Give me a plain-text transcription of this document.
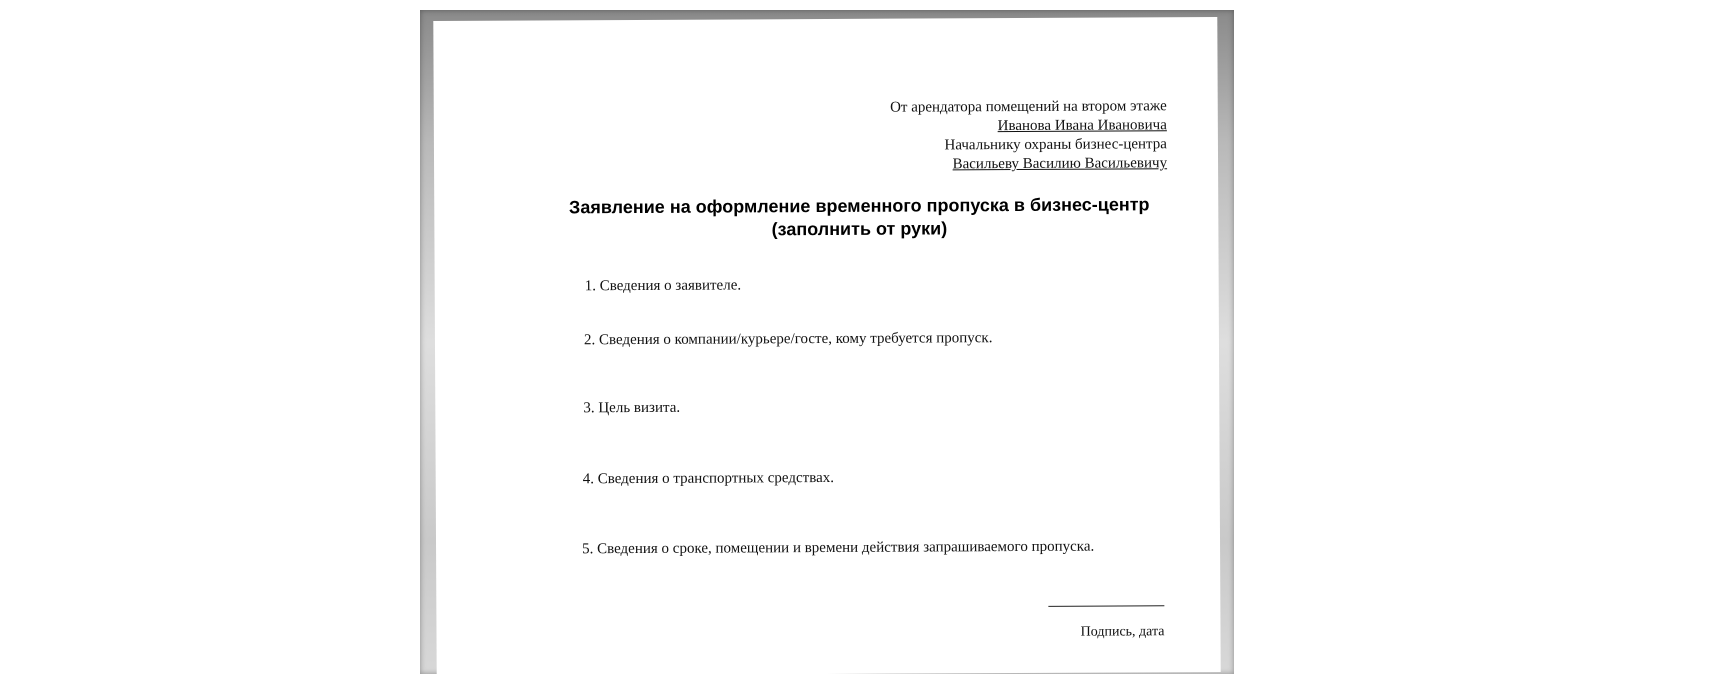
От арендатора помещений на втором этаже
Иванова Ивана Ивановича
Начальнику охраны бизнес-центра
Васильеву Василию Васильевичу
Заявление на оформление временного пропуска в бизнес-центр
(заполнить от руки)
1. Сведения о заявителе.
2. Сведения о компании/курьере/госте, кому требуется пропуск.
3. Цель визита.
4. Сведения о транспортных средствах.
5. Сведения о сроке, помещении и времени действия запрашиваемого пропуска.
Подпись, дата
